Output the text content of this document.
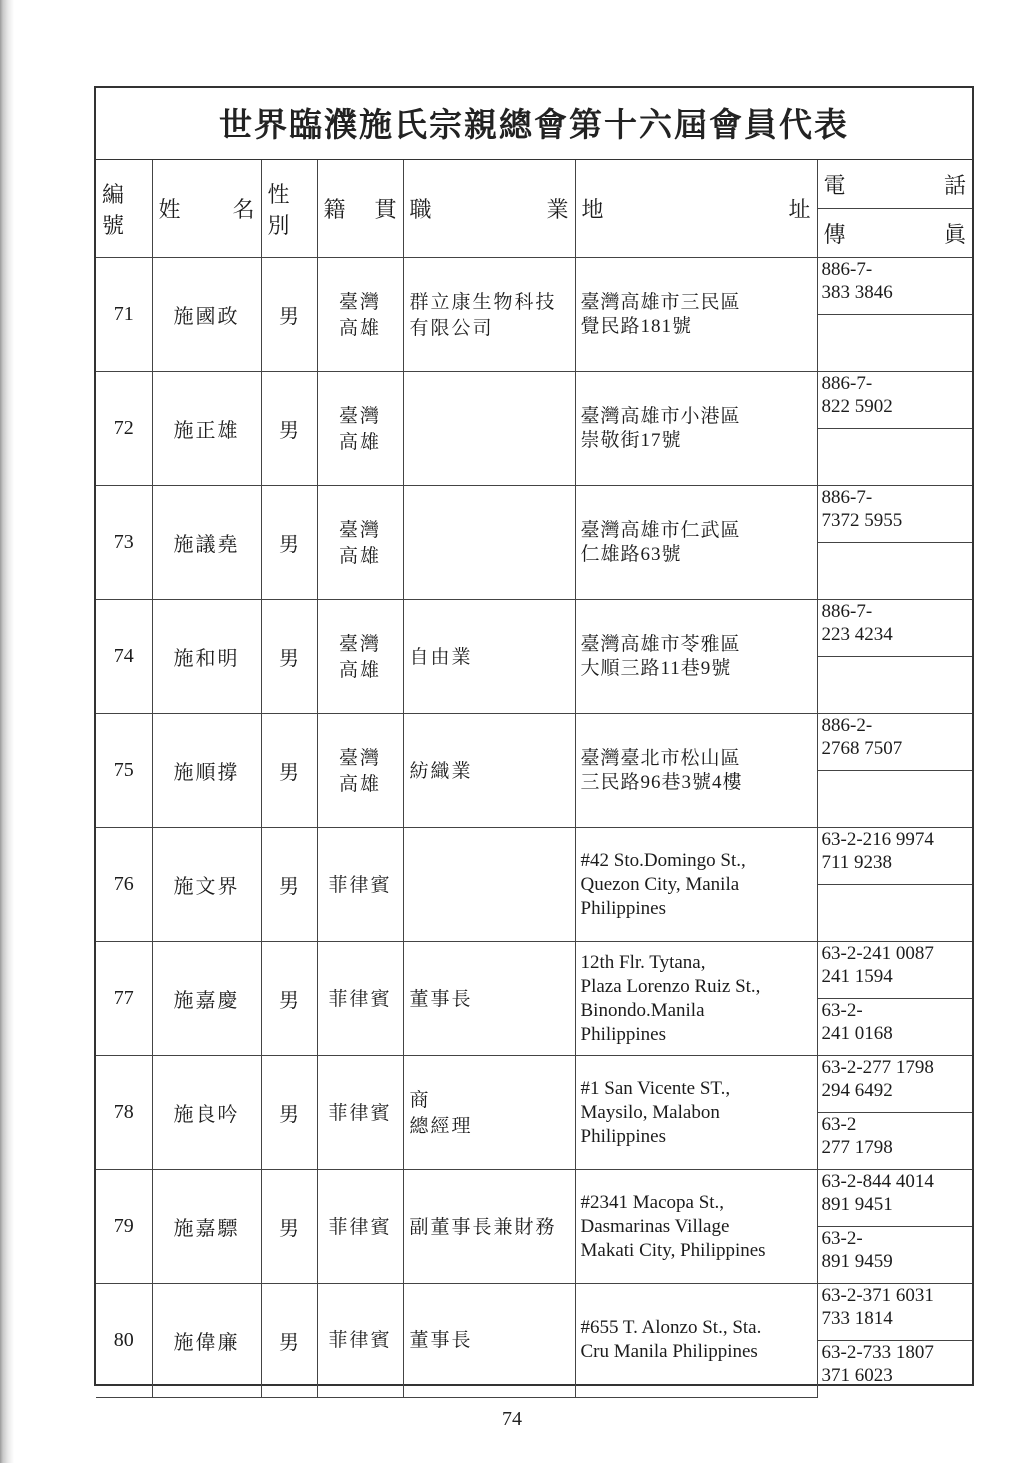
世界臨濮施氏宗親總會第十六屆會員代表
編號	姓 名	性別	籍 貫	職 業	地 址	電 話

						傳 眞

71	施國政	男	臺灣
高雄	群立康生物科技
有限公司	臺灣高雄市三民區
覺民路181號	886-7-
383 3846

72	施正雄	男	臺灣
高雄		臺灣高雄市小港區
崇敬街17號	886-7-
822 5902

73	施議堯	男	臺灣
高雄		臺灣高雄市仁武區
仁雄路63號	886-7-
7372 5955

74	施和明	男	臺灣
高雄	自由業	臺灣高雄市苓雅區
大順三路11巷9號	886-7-
223 4234

75	施順撐	男	臺灣
高雄	紡織業	臺灣臺北市松山區
三民路96巷3號4樓	886-2-
2768 7507

76	施文界	男	菲律賓		#42 Sto.Domingo St.,
Quezon City, Manila
Philippines	63-2-216 9974
711 9238

77	施嘉慶	男	菲律賓	董事長	12th Flr. Tytana,
Plaza Lorenzo Ruiz St.,
Binondo.Manila
Philippines	63-2-241 0087
241 1594
						63-2-
241 0168
78	施良吟	男	菲律賓	商
總經理	#1 San Vicente ST.,
Maysilo, Malabon
Philippines	63-2-277 1798
294 6492
						63-2
277 1798
79	施嘉驃	男	菲律賓	副董事長兼財務	#2341 Macopa St.,
Dasmarinas Village
Makati City, Philippines	63-2-844 4014
891 9451
						63-2-
891 9459
80	施偉廉	男	菲律賓	董事長	#655 T. Alonzo St., Sta.
Cru Manila Philippines	63-2-371 6031
733 1814
						63-2-733 1807
371 6023
74
